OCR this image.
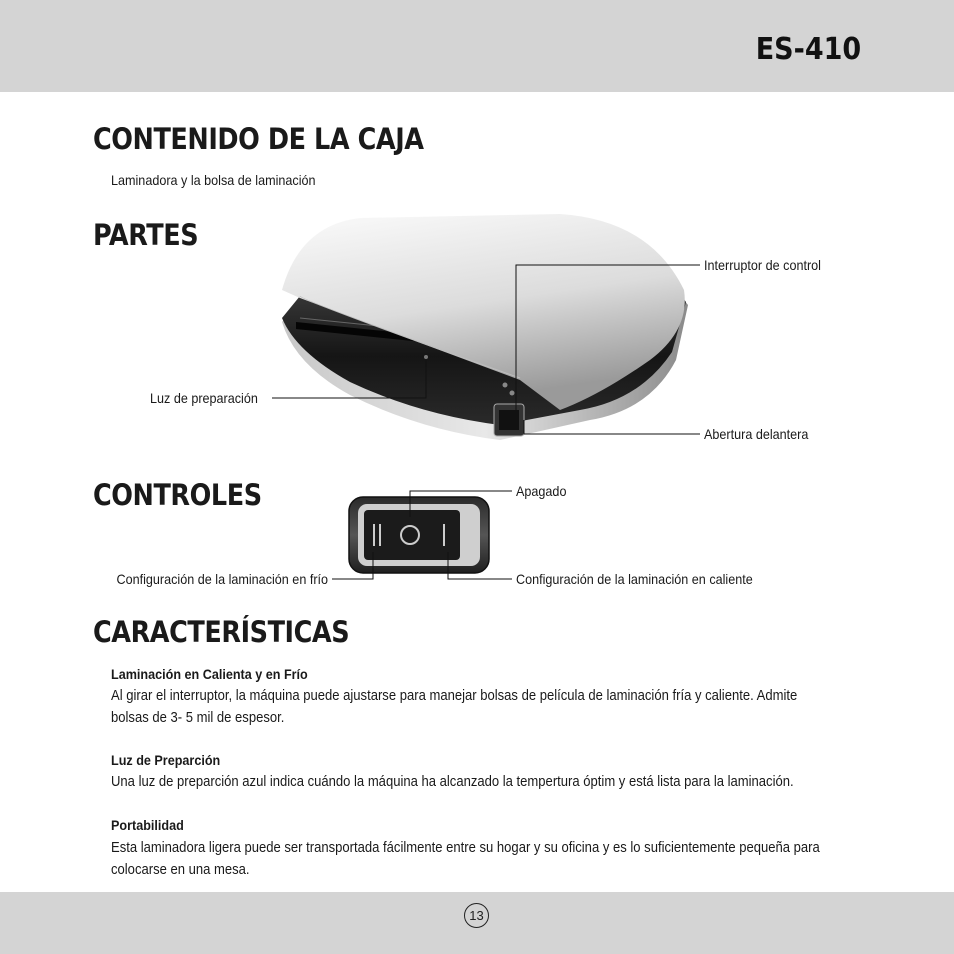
ES-410
CONTENIDO DE LA CAJA
Laminadora y la bolsa de laminación
PARTES
Interruptor de control
Luz de preparación
Abertura delantera
CONTROLES	Apagado
Configuración de la laminación en frío	Configuración de la laminación en caliente
CARACTERÍSTICAS
Laminación en Calienta y en Frío
Al girar el interruptor, la máquina puede ajustarse para manejar bolsas de película de laminación fría y caliente. Admite bolsas de 3- 5 mil de espesor.
Luz de Preparción
Una luz de preparción azul indica cuándo la máquina ha alcanzado la tempertura óptim y está lista para la laminación.
Portabilidad
Esta laminadora ligera puede ser transportada fácilmente entre su hogar y su oficina y es lo suficientemente pequeña para colocarse en una mesa.
13
